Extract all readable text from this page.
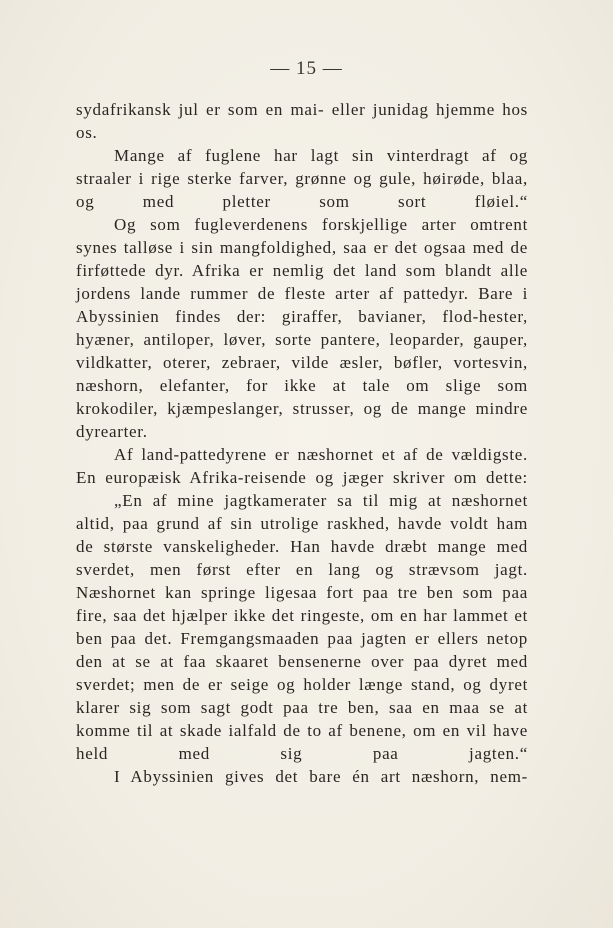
— 15 —

sydafrikansk jul er som en mai- eller junidag hjemme hos os.

Mange af fuglene har lagt sin vinterdragt af og straaler i rige sterke farver, grønne og gule, høirøde, blaa, og med pletter som sort fløiel.“

Og som fugleverdenens forskjellige arter omtrent synes talløse i sin mangfoldighed, saa er det ogsaa med de firføttede dyr. Afrika er nemlig det land som blandt alle jordens lande rummer de fleste arter af pattedyr. Bare i Abyssinien findes der: giraffer, bavianer, flod-hester, hyæner, antiloper, løver, sorte pantere, leoparder, gauper, vildkatter, oterer, zebraer, vilde æsler, bøfler, vortesvin, næshorn, elefanter, for ikke at tale om slige som krokodiler, kjæmpeslanger, strusser, og de mange mindre dyrearter.

Af land-pattedyrene er næshornet et af de vældigste. En europæisk Afrika-reisende og jæger skriver om dette:

„En af mine jagtkamerater sa til mig at næshornet altid, paa grund af sin utrolige raskhed, havde voldt ham de største vanskeligheder. Han havde dræbt mange med sverdet, men først efter en lang og strævsom jagt. Næshornet kan springe ligesaa fort paa tre ben som paa fire, saa det hjælper ikke det ringeste, om en har lammet et ben paa det. Fremgangsmaaden paa jagten er ellers netop den at se at faa skaaret bensenerne over paa dyret med sverdet; men de er seige og holder længe stand, og dyret klarer sig som sagt godt paa tre ben, saa en maa se at komme til at skade ialfald de to af benene, om en vil have held med sig paa jagten.“

I Abyssinien gives det bare én art næshorn, nem-
